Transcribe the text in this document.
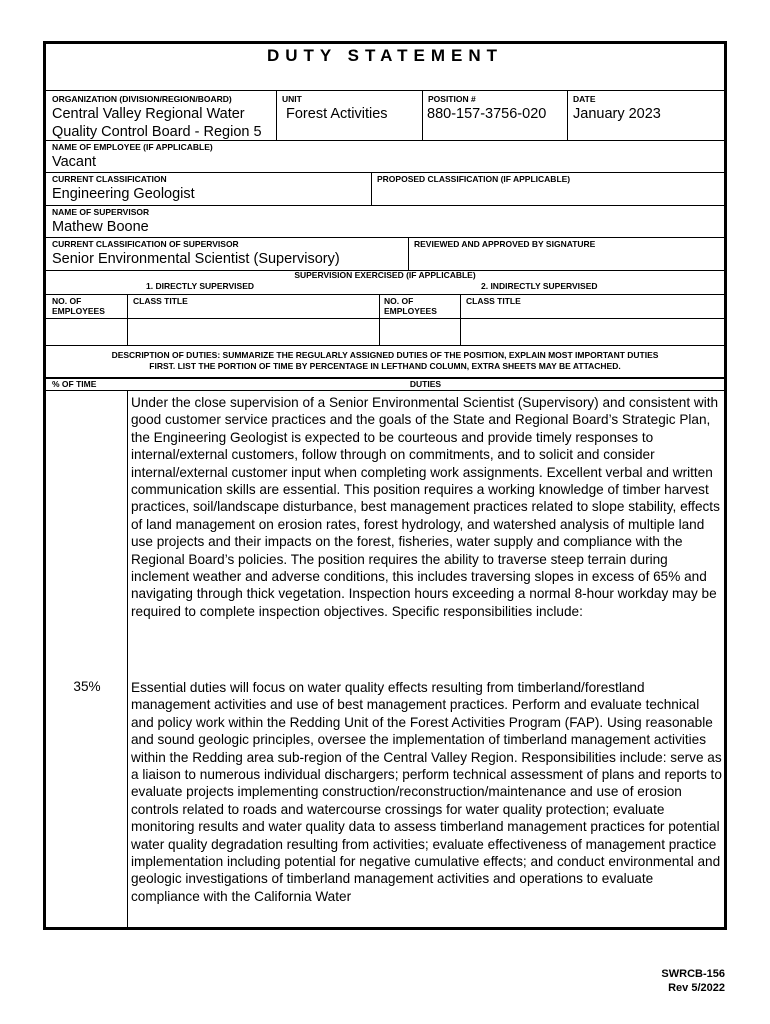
DUTY STATEMENT
ORGANIZATION (DIVISION/REGION/BOARD)
Central Valley Regional Water
Quality Control Board - Region 5
UNIT
Forest Activities
POSITION #
880-157-3756-020
DATE
January 2023
NAME OF EMPLOYEE (IF APPLICABLE)
Vacant
CURRENT CLASSIFICATION
Engineering Geologist
PROPOSED CLASSIFICATION (IF APPLICABLE)
NAME OF SUPERVISOR
Mathew Boone
CURRENT CLASSIFICATION OF SUPERVISOR
Senior Environmental Scientist (Supervisory)
REVIEWED AND APPROVED BY SIGNATURE
SUPERVISION EXERCISED (IF APPLICABLE)
1. DIRECTLY SUPERVISED	2. INDIRECTLY SUPERVISED
NO. OF
EMPLOYEES
CLASS TITLE	NO. OF
EMPLOYEES
CLASS TITLE
DESCRIPTION OF DUTIES: SUMMARIZE THE REGULARLY ASSIGNED DUTIES OF THE POSITION, EXPLAIN MOST IMPORTANT DUTIES
FIRST. LIST THE PORTION OF TIME BY PERCENTAGE IN LEFTHAND COLUMN, EXTRA SHEETS MAY BE ATTACHED.
% OF TIME	DUTIES
Under the close supervision of a Senior Environmental Scientist (Supervisory) and consistent with good customer service practices and the goals of the State and Regional Board’s Strategic Plan, the Engineering Geologist is expected to be courteous and provide timely responses to internal/external customers, follow through on commitments, and to solicit and consider internal/external customer input when completing work assignments. Excellent verbal and written communication skills are essential. This position requires a working knowledge of timber harvest practices, soil/landscape disturbance, best management practices related to slope stability, effects of land management on erosion rates, forest hydrology, and watershed analysis of multiple land use projects and their impacts on the forest, fisheries, water supply and compliance with the Regional Board’s policies. The position requires the ability to traverse steep terrain during inclement weather and adverse conditions, this includes traversing slopes in excess of 65% and navigating through thick vegetation. Inspection hours exceeding a normal 8-hour workday may be required to complete inspection objectives. Specific responsibilities include:
35%	Essential duties will focus on water quality effects resulting from timberland/forestland management activities and use of best management practices. Perform and evaluate technical and policy work within the Redding Unit of the Forest Activities Program (FAP). Using reasonable and sound geologic principles, oversee the implementation of timberland management activities within the Redding area sub-region of the Central Valley Region. Responsibilities include: serve as a liaison to numerous individual dischargers; perform technical assessment of plans and reports to evaluate projects implementing construction/reconstruction/maintenance and use of erosion controls related to roads and watercourse crossings for water quality protection; evaluate monitoring results and water quality data to assess timberland management practices for potential water quality degradation resulting from activities; evaluate effectiveness of management practice implementation including potential for negative cumulative effects; and conduct environmental and geologic investigations of timberland management activities and operations to evaluate compliance with the California Water
SWRCB-156
Rev 5/2022
